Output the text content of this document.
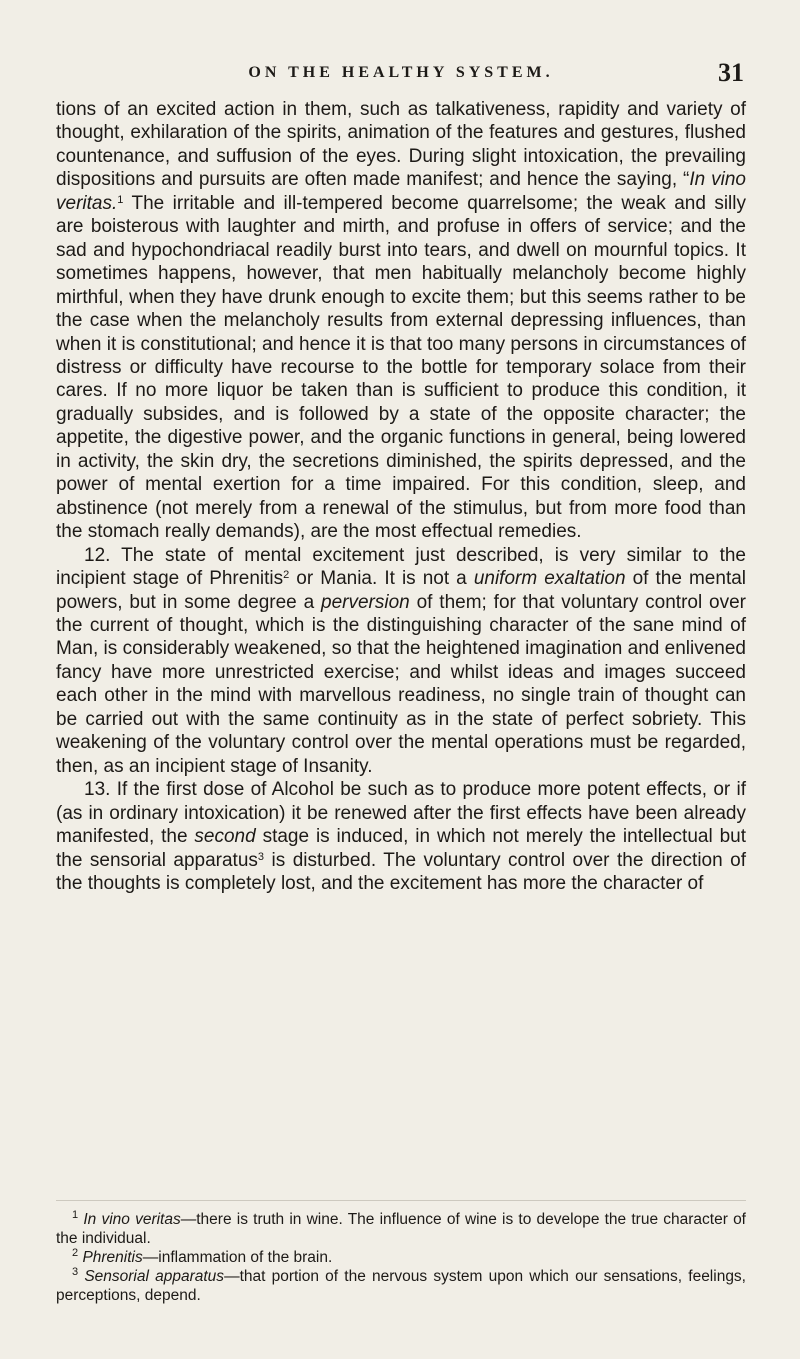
ON THE HEALTHY SYSTEM.	31

tions of an excited action in them, such as talkativeness, rapidity and variety of thought, exhilaration of the spirits, animation of the features and gestures, flushed countenance, and suffusion of the eyes. During slight intoxication, the prevailing dispositions and pursuits are often made manifest; and hence the saying, “In vino veritas.$^1$ The irritable and ill-tempered become quarrelsome; the weak and silly are boisterous with laughter and mirth, and profuse in offers of service; and the sad and hypochondriacal readily burst into tears, and dwell on mournful topics. It sometimes happens, however, that men habitually melancholy become highly mirthful, when they have drunk enough to excite them; but this seems rather to be the case when the melancholy results from external depressing influences, than when it is constitutional; and hence it is that too many persons in circumstances of distress or difficulty have recourse to the bottle for temporary solace from their cares. If no more liquor be taken than is sufficient to produce this condition, it gradually subsides, and is followed by a state of the opposite character; the appetite, the digestive power, and the organic functions in general, being lowered in activity, the skin dry, the secretions diminished, the spirits depressed, and the power of mental exertion for a time impaired. For this condition, sleep, and abstinence (not merely from a renewal of the stimulus, but from more food than the stomach really demands), are the most effectual remedies.

12. The state of mental excitement just described, is very similar to the incipient stage of Phrenitis$^2$ or Mania. It is not a uniform exaltation of the mental powers, but in some degree a perversion of them; for that voluntary control over the current of thought, which is the distinguishing character of the sane mind of Man, is considerably weakened, so that the heightened imagination and enlivened fancy have more unrestricted exercise; and whilst ideas and images succeed each other in the mind with marvellous readiness, no single train of thought can be carried out with the same continuity as in the state of perfect sobriety. This weakening of the voluntary control over the mental operations must be regarded, then, as an incipient stage of Insanity.

13. If the first dose of Alcohol be such as to produce more potent effects, or if (as in ordinary intoxication) it be renewed after the first effects have been already manifested, the second stage is induced, in which not merely the intellectual but the sensorial apparatus$^3$ is disturbed. The voluntary control over the direction of the thoughts is completely lost, and the excitement has more the character of

$^1$ In vino veritas—there is truth in wine. The influence of wine is to develope the true character of the individual.

$^2$ Phrenitis—inflammation of the brain.

$^3$ Sensorial apparatus—that portion of the nervous system upon which our sensations, feelings, perceptions, depend.
